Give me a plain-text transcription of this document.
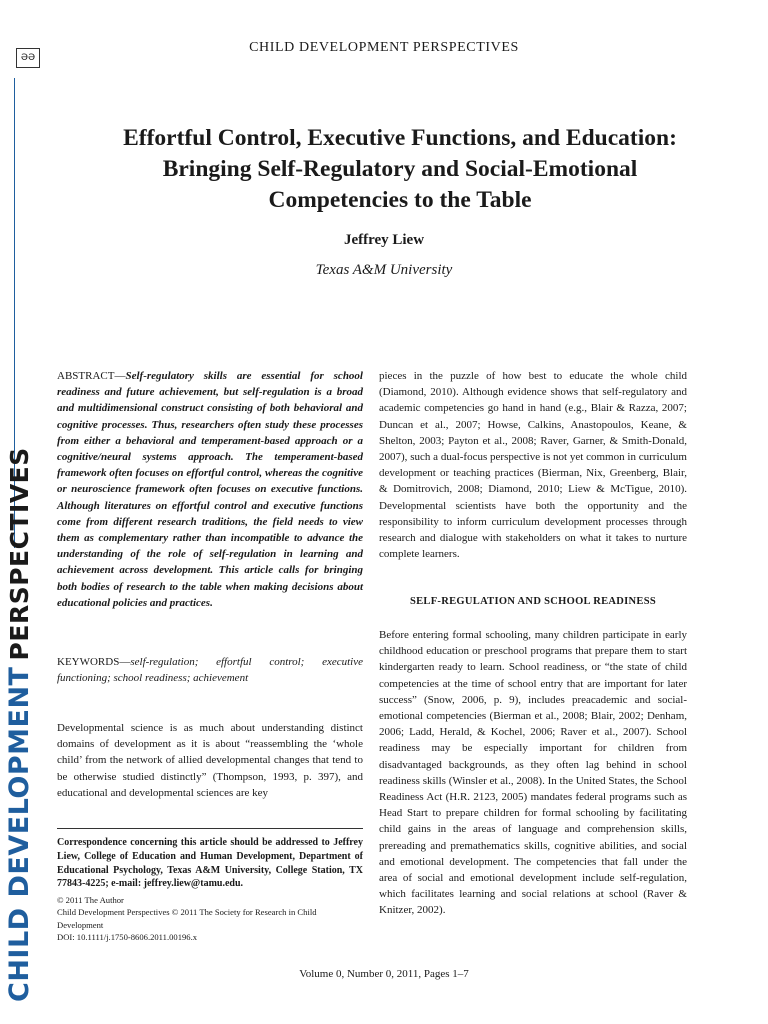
ƏƏ
CHILD DEVELOPMENT PERSPECTIVES
CHILD DEVELOPMENT PERSPECTIVES
Effortful Control, Executive Functions, and Education:
Bringing Self-Regulatory and Social-Emotional
Competencies to the Table
Jeffrey Liew
Texas A&M University

ABSTRACT—Self-regulatory skills are essential for school readiness and future achievement, but self-regulation is a broad and multidimensional construct consisting of both behavioral and cognitive processes. Thus, researchers often study these processes from either a behavioral and temperament-based approach or a cognitive/neural systems approach. The temperament-based framework often focuses on effortful control, whereas the cognitive or neuroscience framework often focuses on executive functions. Although literatures on effortful control and executive functions come from different research traditions, the field needs to view them as complementary rather than incompatible to advance the understanding of the role of self-regulation in learning and achievement across development. This article calls for bringing both bodies of research to the table when making decisions about educational policies and practices.

KEYWORDS—self-regulation; effortful control; executive functioning; school readiness; achievement

Developmental science is as much about understanding distinct domains of development as it is about “reassembling the ‘whole child’ from the network of allied developmental changes that tend to be otherwise studied distinctly” (Thompson, 1993, p. 397), and educational and developmental sciences are key

Correspondence concerning this article should be addressed to Jeffrey Liew, College of Education and Human Development, Department of Educational Psychology, Texas A&M University, College Station, TX 77843-4225; e-mail: jeffrey.liew@tamu.edu.

© 2011 The Author

Child Development Perspectives © 2011 The Society for Research in Child Development

DOI: 10.1111/j.1750-8606.2011.00196.x

pieces in the puzzle of how best to educate the whole child (Diamond, 2010). Although evidence shows that self-regulatory and academic competencies go hand in hand (e.g., Blair & Razza, 2007; Duncan et al., 2007; Howse, Calkins, Anastopoulos, Keane, & Shelton, 2003; Payton et al., 2008; Raver, Garner, & Smith-Donald, 2007), such a dual-focus perspective is not yet common in curriculum development or teaching practices (Bierman, Nix, Greenberg, Blair, & Domitrovich, 2008; Diamond, 2010; Liew & McTigue, 2010). Developmental scientists have both the opportunity and the responsibility to inform curriculum development processes through research and dialogue with stakeholders on what it takes to nurture complete learners.

SELF-REGULATION AND SCHOOL READINESS

Before entering formal schooling, many children participate in early childhood education or preschool programs that prepare them to start kindergarten ready to learn. School readiness, or “the state of child competencies at the time of school entry that are important for later success” (Snow, 2006, p. 9), includes preacademic and social-emotional competencies (Bierman et al., 2008; Blair, 2002; Denham, 2006; Ladd, Herald, & Kochel, 2006; Raver et al., 2007). School readiness may be especially important for children from disadvantaged backgrounds, as they often lag behind in school readiness skills (Winsler et al., 2008). In the United States, the School Readiness Act (H.R. 2123, 2005) mandates federal programs such as Head Start to prepare children for formal schooling by facilitating child gains in the areas of language and comprehension skills, prereading and premathematics skills, cognitive abilities, and social and emotional development. The competencies that fall under the area of social and emotional development include self-regulation, which facilitates learning and social relations at school (Raver & Knitzer, 2002).

Volume 0, Number 0, 2011, Pages 1–7
